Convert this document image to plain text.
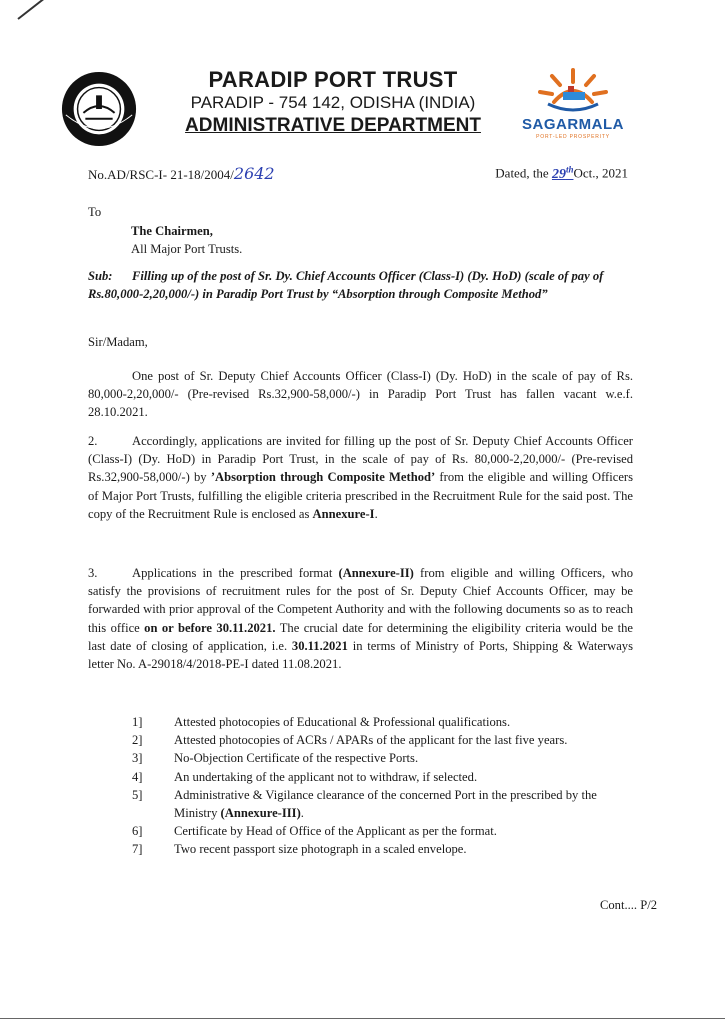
PARADIP PORT TRUST
PARADIP - 754 142, ODISHA (INDIA)
ADMINISTRATIVE DEPARTMENT	SAGARMALA
PORT-LED PROSPERITY
No.AD/RSC-I- 21-18/2004/2642	Dated, the 29thOct., 2021
To
The Chairmen,
All Major Port Trusts.
Sub: Filling up of the post of Sr. Dy. Chief Accounts Officer (Class-I) (Dy. HoD) (scale of pay of Rs.80,000-2,20,000/-) in Paradip Port Trust by “Absorption through Composite Method”
Sir/Madam,
One post of Sr. Deputy Chief Accounts Officer (Class-I) (Dy. HoD) in the scale of pay of Rs. 80,000-2,20,000/- (Pre-revised Rs.32,900-58,000/-) in Paradip Port Trust has fallen vacant w.e.f. 28.10.2021.
2.	Accordingly, applications are invited for filling up the post of Sr. Deputy Chief Accounts Officer (Class-I) (Dy. HoD) in Paradip Port Trust, in the scale of pay of Rs. 80,000-2,20,000/- (Pre-revised Rs.32,900-58,000/-) by ’Absorption through Composite Method’ from the eligible and willing Officers of Major Port Trusts, fulfilling the eligible criteria prescribed in the Recruitment Rule for the said post. The copy of the Recruitment Rule is enclosed as Annexure-I.
3.	Applications in the prescribed format (Annexure-II) from eligible and willing Officers, who satisfy the provisions of recruitment rules for the post of Sr. Deputy Chief Accounts Officer, may be forwarded with prior approval of the Competent Authority and with the following documents so as to reach this office on or before 30.11.2021. The crucial date for determining the eligibility criteria would be the last date of closing of application, i.e. 30.11.2021 in terms of Ministry of Ports, Shipping & Waterways letter No. A-29018/4/2018-PE-I dated 11.08.2021.
1]	Attested photocopies of Educational & Professional qualifications.
2]	Attested photocopies of ACRs / APARs of the applicant for the last five years.
3]	No-Objection Certificate of the respective Ports.
4]	An undertaking of the applicant not to withdraw, if selected.
5]	Administrative & Vigilance clearance of the concerned Port in the prescribed by the Ministry (Annexure-III).
6]	Certificate by Head of Office of the Applicant as per the format.
7]	Two recent passport size photograph in a scaled envelope.
Cont.... P/2
